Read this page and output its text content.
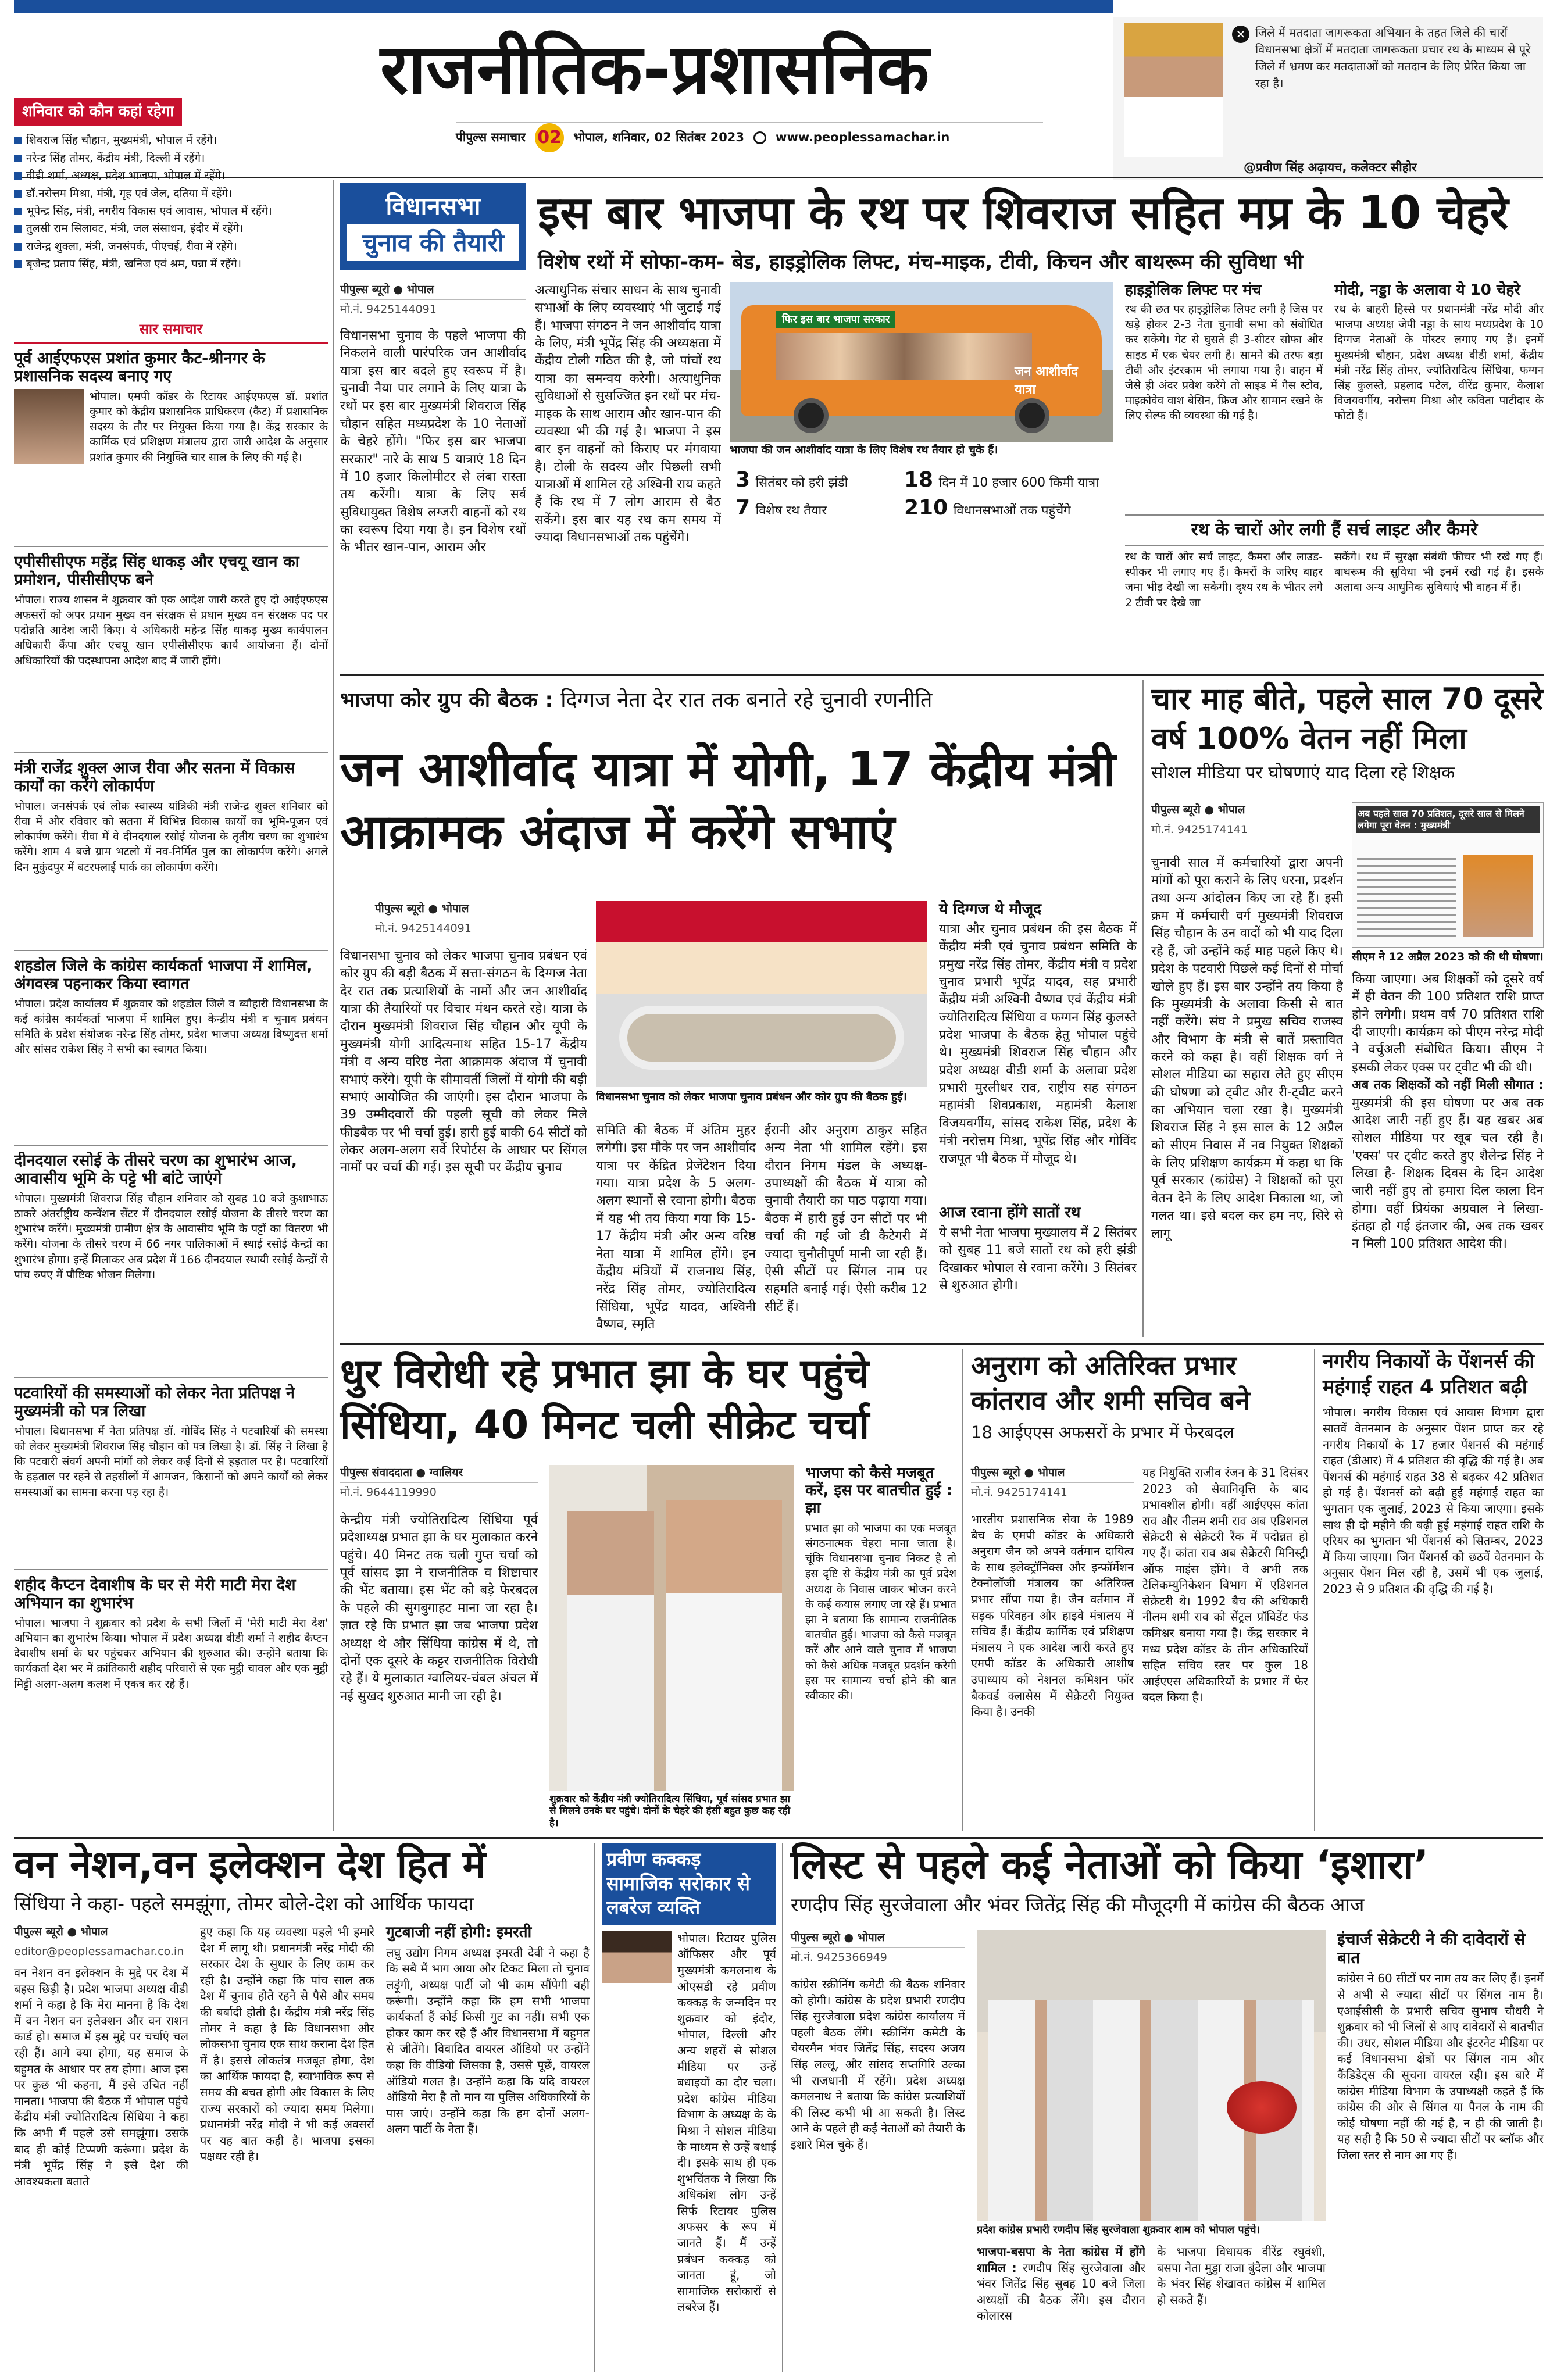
राजनीतिक-प्रशासनिक
पीपुल्स समाचार 02 भोपाल, शनिवार, 02 सितंबर 2023	www.peoplessamachar.in
✕ जिले में मतदाता जागरूकता अभियान के तहत जिले की चारों विधानसभा क्षेत्रों में मतदाता जागरूकता प्रचार रथ के माध्यम से पूरे जिले में भ्रमण कर मतदाताओं को मतदान के लिए प्रेरित किया जा रहा है।
@प्रवीण सिंह अढ़ायच, कलेक्टर सीहोर
शनिवार को कौन कहां रहेगा
शिवराज सिंह चौहान, मुख्यमंत्री, भोपाल में रहेंगे।
नरेन्द्र सिंह तोमर, केंद्रीय मंत्री, दिल्ली में रहेंगे।
वीडी शर्मा, अध्यक्ष, प्रदेश भाजपा, भोपाल में रहेंगे।
डॉ.नरोत्तम मिश्रा, मंत्री, गृह एवं जेल, दतिया में रहेंगे।
भूपेन्द्र सिंह, मंत्री, नगरीय विकास एवं आवास, भोपाल में रहेंगे।
तुलसी राम सिलावट, मंत्री, जल संसाधन, इंदौर में रहेंगे।
राजेन्द्र शुक्ला, मंत्री, जनसंपर्क, पीएचई, रीवा में रहेंगे।
बृजेन्द्र प्रताप सिंह, मंत्री, खनिज एवं श्रम, पन्ना में रहेंगे।
सार समाचार
पूर्व आईएफएस प्रशांत कुमार कैट-श्रीनगर के प्रशासनिक सदस्य बनाए गए
भोपाल। एमपी कॉडर के रिटायर आईएफएस डॉ. प्रशांत कुमार को केंद्रीय प्रशासनिक प्राधिकरण (कैट) में प्रशासनिक सदस्य के तौर पर नियुक्त किया गया है। केंद्र सरकार के कार्मिक एवं प्रशिक्षण मंत्रालय द्वारा जारी आदेश के अनुसार प्रशांत कुमार की नियुक्ति चार साल के लिए की गई है।
एपीसीसीएफ महेंद्र सिंह धाकड़ और एचयू खान का प्रमोशन, पीसीसीएफ बने
भोपाल। राज्य शासन ने शुक्रवार को एक आदेश जारी करते हुए दो आईएफएस अफसरों को अपर प्रधान मुख्य वन संरक्षक से प्रधान मुख्य वन संरक्षक पद पर पदोन्नति आदेश जारी किए। ये अधिकारी महेन्द्र सिंह धाकड़ मुख्य कार्यपालन अधिकारी कैंपा और एचयू खान एपीसीसीएफ कार्य आयोजना हैं। दोनों अधिकारियों की पदस्थापना आदेश बाद में जारी होंगे।
मंत्री राजेंद्र शुक्ल आज रीवा और सतना में विकास कार्यों का करेंगे लोकार्पण
भोपाल। जनसंपर्क एवं लोक स्वास्थ्य यांत्रिकी मंत्री राजेन्द्र शुक्ल शनिवार को रीवा में और रविवार को सतना में विभिन्न विकास कार्यों का भूमि-पूजन एवं लोकार्पण करेंगे। रीवा में वे दीनदयाल रसोई योजना के तृतीय चरण का शुभारंभ करेंगे। शाम 4 बजे ग्राम भटलो में नव-निर्मित पुल का लोकार्पण करेंगे। अगले दिन मुकुंदपुर में बटरफ्लाई पार्क का लोकार्पण करेंगे।
शहडोल जिले के कांग्रेस कार्यकर्ता भाजपा में शामिल, अंगवस्त्र पहनाकर किया स्वागत
भोपाल। प्रदेश कार्यालय में शुक्रवार को शहडोल जिले व ब्यौहारी विधानसभा के कई कांग्रेस कार्यकर्ता भाजपा में शामिल हुए। केन्द्रीय मंत्री व चुनाव प्रबंधन समिति के प्रदेश संयोजक नरेन्द्र सिंह तोमर, प्रदेश भाजपा अध्यक्ष विष्णुदत्त शर्मा और सांसद राकेश सिंह ने सभी का स्वागत किया।
दीनदयाल रसोई के तीसरे चरण का शुभारंभ आज, आवासीय भूमि के पट्टे भी बांटे जाएंगे
भोपाल। मुख्यमंत्री शिवराज सिंह चौहान शनिवार को सुबह 10 बजे कुशाभाऊ ठाकरे अंतर्राष्ट्रीय कन्वेंशन सेंटर में दीनदयाल रसोई योजना के तीसरे चरण का शुभारंभ करेंगे। मुख्यमंत्री ग्रामीण क्षेत्र के आवासीय भूमि के पट्टों का वितरण भी करेंगे। योजना के तीसरे चरण में 66 नगर पालिकाओं में स्थाई रसोई केन्द्रों का शुभारंभ होगा। इन्हें मिलाकर अब प्रदेश में 166 दीनदयाल स्थायी रसोई केन्द्रों से पांच रुपए में पौष्टिक भोजन मिलेगा।
पटवारियों की समस्याओं को लेकर नेता प्रतिपक्ष ने मुख्यमंत्री को पत्र लिखा
भोपाल। विधानसभा में नेता प्रतिपक्ष डॉ. गोविंद सिंह ने पटवारियों की समस्या को लेकर मुख्यमंत्री शिवराज सिंह चौहान को पत्र लिखा है। डॉ. सिंह ने लिखा है कि पटवारी संवर्ग अपनी मांगों को लेकर कई दिनों से हड़ताल पर है। पटवारियों के हड़ताल पर रहने से तहसीलों में आमजन, किसानों को अपने कार्यों को लेकर समस्याओं का सामना करना पड़ रहा है।
शहीद कैप्टन देवाशीष के घर से मेरी माटी मेरा देश अभियान का शुभारंभ
भोपाल। भाजपा ने शुक्रवार को प्रदेश के सभी जिलों में 'मेरी माटी मेरा देश' अभियान का शुभारंभ किया। भोपाल में प्रदेश अध्यक्ष वीडी शर्मा ने शहीद कैप्टन देवाशीष शर्मा के घर पहुंचकर अभियान की शुरुआत की। उन्होंने बताया कि कार्यकर्ता देश भर में क्रांतिकारी शहीद परिवारों से एक मुट्ठी चावल और एक मुट्ठी मिट्टी अलग-अलग कलश में एकत्र कर रहे हैं।
विधानसभा
चुनाव की तैयारी
इस बार भाजपा के रथ पर शिवराज सहित मप्र के 10 चेहरे
विशेष रथों में सोफा-कम- बेड, हाइड्रोलिक लिफ्ट, मंच-माइक, टीवी, किचन और बाथरूम की सुविधा भी
पीपुल्स ब्यूरो ● भोपाल
मो.नं. 9425144091
विधानसभा चुनाव के पहले भाजपा की निकलने वाली पारंपरिक जन आशीर्वाद यात्रा इस बार बदले हुए स्वरूप में है। चुनावी नैया पार लगाने के लिए यात्रा के रथों पर इस बार मुख्यमंत्री शिवराज सिंह चौहान सहित मध्यप्रदेश के 10 नेताओं के चेहरे होंगे। "फिर इस बार भाजपा सरकार" नारे के साथ 5 यात्राएं 18 दिन में 10 हजार किलोमीटर से लंबा रास्ता तय करेंगी। यात्रा के लिए सर्व सुविधायुक्त विशेष लग्जरी वाहनों को रथ का स्वरूप दिया गया है। इन विशेष रथों के भीतर खान-पान, आराम और
अत्याधुनिक संचार साधन के साथ चुनावी सभाओं के लिए व्यवस्थाएं भी जुटाई गई हैं। भाजपा संगठन ने जन आशीर्वाद यात्रा के लिए, मंत्री भूपेंद्र सिंह की अध्यक्षता में केंद्रीय टोली गठित की है, जो पांचों रथ यात्रा का समन्वय करेगी। अत्याधुनिक सुविधाओं से सुसज्जित इन रथों पर मंच-माइक के साथ आराम और खान-पान की व्यवस्था भी की गई है। भाजपा ने इस बार इन वाहनों को किराए पर मंगवाया है। टोली के सदस्य और पिछली सभी यात्राओं में शामिल रहे अश्विनी राय कहते हैं कि रथ में 7 लोग आराम से बैठ सकेंगे। इस बार यह रथ कम समय में ज्यादा विधानसभाओं तक पहुंचेंगे।
फिर इस बार भाजपा सरकार
जन आशीर्वाद यात्रा
भाजपा की जन आशीर्वाद यात्रा के लिए विशेष रथ तैयार हो चुके हैं।
3 सितंबर को हरी झंडी
7 विशेष रथ तैयार
18 दिन में 10 हजार 600 किमी यात्रा
210 विधानसभाओं तक पहुंचेंगे
हाइड्रोलिक लिफ्ट पर मंच
रथ की छत पर हाइड्रोलिक लिफ्ट लगी है जिस पर खड़े होकर 2-3 नेता चुनावी सभा को संबोधित कर सकेंगे। गेट से घुसते ही 3-सीटर सोफा और साइड में एक चेयर लगी है। सामने की तरफ बड़ा टीवी और इंटरकाम भी लगाया गया है। वाहन में जैसे ही अंदर प्रवेश करेंगे तो साइड में गैस स्टोव, माइक्रोवेव वाश बेसिन, फ्रिज और सामान रखने के लिए सेल्फ की व्यवस्था की गई है।
मोदी, नड्डा के अलावा ये 10 चेहरे
रथ के बाहरी हिस्से पर प्रधानमंत्री नरेंद्र मोदी और भाजपा अध्यक्ष जेपी नड्डा के साथ मध्यप्रदेश के 10 दिग्गज नेताओं के पोस्टर लगाए गए हैं। इनमें मुख्यमंत्री चौहान, प्रदेश अध्यक्ष वीडी शर्मा, केंद्रीय मंत्री नरेंद्र सिंह तोमर, ज्योतिरादित्य सिंधिया, फग्गन सिंह कुलस्ते, प्रहलाद पटेल, वीरेंद्र कुमार, कैलाश विजयवर्गीय, नरोत्तम मिश्रा और कविता पाटीदार के फोटो हैं।
रथ के चारों ओर लगी हैं सर्च लाइट और कैमरे
रथ के चारों ओर सर्च लाइट, कैमरा और लाउड-स्पीकर भी लगाए गए हैं। कैमरों के जरिए बाहर जमा भीड़ देखी जा सकेगी। दृश्य रथ के भीतर लगे 2 टीवी पर देखे जा
सकेंगे। रथ में सुरक्षा संबंधी फीचर भी रखे गए हैं। बाथरूम की सुविधा भी इनमें रखी गई है। इसके अलावा अन्य आधुनिक सुविधाएं भी वाहन में हैं।
भाजपा कोर ग्रुप की बैठक : दिग्गज नेता देर रात तक बनाते रहे चुनावी रणनीति
जन आशीर्वाद यात्रा में योगी, 17 केंद्रीय मंत्री आक्रामक अंदाज में करेंगे सभाएं
पीपुल्स ब्यूरो ● भोपाल
मो.नं. 9425144091
विधानसभा चुनाव को लेकर भाजपा चुनाव प्रबंधन और कोर ग्रुप की बैठक हुई।
विधानसभा चुनाव को लेकर भाजपा चुनाव प्रबंधन एवं कोर ग्रुप की बड़ी बैठक में सत्ता-संगठन के दिग्गज नेता देर रात तक प्रत्याशियों के नामों और जन आशीर्वाद यात्रा की तैयारियों पर विचार मंथन करते रहे। यात्रा के दौरान मुख्यमंत्री शिवराज सिंह चौहान और यूपी के मुख्यमंत्री योगी आदित्यनाथ सहित 15-17 केंद्रीय मंत्री व अन्य वरिष्ठ नेता आक्रामक अंदाज में चुनावी सभाएं करेंगे। यूपी के सीमावर्ती जिलों में योगी की बड़ी सभाएं आयोजित की जाएंगी। इस दौरान भाजपा के 39 उम्मीदवारों की पहली सूची को लेकर मिले फीडबैक पर भी चर्चा हुई। हारी हुई बाकी 64 सीटों को लेकर अलग-अलग सर्वे रिपोर्टस के आधार पर सिंगल नामों पर चर्चा की गई। इस सूची पर केंद्रीय चुनाव
समिति की बैठक में अंतिम मुहर लगेगी। इस मौके पर जन आशीर्वाद यात्रा पर केंद्रित प्रेजेंटेशन दिया गया। यात्रा प्रदेश के 5 अलग-अलग स्थानों से रवाना होगी। बैठक में यह भी तय किया गया कि 15-17 केंद्रीय मंत्री और अन्य वरिष्ठ नेता यात्रा में शामिल होंगे। इन केंद्रीय मंत्रियों में राजनाथ सिंह, नरेंद्र सिंह तोमर, ज्योतिरादित्य सिंधिया, भूपेंद्र यादव, अश्विनी वैष्णव, स्मृति
ईरानी और अनुराग ठाकुर सहित अन्य नेता भी शामिल रहेंगे। इस दौरान निगम मंडल के अध्यक्ष-उपाध्यक्षों की बैठक में यात्रा को चुनावी तैयारी का पाठ पढ़ाया गया। बैठक में हारी हुई उन सीटों पर भी चर्चा की गई जो डी कैटेगरी में ज्यादा चुनौतीपूर्ण मानी जा रही हैं। ऐसी सीटों पर सिंगल नाम पर सहमति बनाई गई। ऐसी करीब 12 सीटें हैं।
ये दिग्गज थे मौजूद
यात्रा और चुनाव प्रबंधन की इस बैठक में केंद्रीय मंत्री एवं चुनाव प्रबंधन समिति के प्रमुख नरेंद्र सिंह तोमर, केंद्रीय मंत्री व प्रदेश चुनाव प्रभारी भूपेंद्र यादव, सह प्रभारी केंद्रीय मंत्री अश्विनी वैष्णव एवं केंद्रीय मंत्री ज्योतिरादित्य सिंधिया व फग्गन सिंह कुलस्ते प्रदेश भाजपा के बैठक हेतु भोपाल पहुंचे थे। मुख्यमंत्री शिवराज सिंह चौहान और प्रदेश अध्यक्ष वीडी शर्मा के अलावा प्रदेश प्रभारी मुरलीधर राव, राष्ट्रीय सह संगठन महामंत्री शिवप्रकाश, महामंत्री कैलाश विजयवर्गीय, सांसद राकेश सिंह, प्रदेश के मंत्री नरोत्तम मिश्रा, भूपेंद्र सिंह और गोविंद राजपूत भी बैठक में मौजूद थे।
आज रवाना होंगे सातों रथ
ये सभी नेता भाजपा मुख्यालय में 2 सितंबर को सुबह 11 बजे सातों रथ को हरी झंडी दिखाकर भोपाल से रवाना करेंगे। 3 सितंबर से शुरुआत होगी।
चार माह बीते, पहले साल 70 दूसरे वर्ष 100% वेतन नहीं मिला
सोशल मीडिया पर घोषणाएं याद दिला रहे शिक्षक
पीपुल्स ब्यूरो ● भोपाल
मो.नं. 9425174141
अब पहले साल 70 प्रतिशत, दूसरे साल से मिलने लगेगा पूरा वेतन : मुख्यमंत्री
सीएम ने 12 अप्रैल 2023 को की थी घोषणा।
चुनावी साल में कर्मचारियों द्वारा अपनी मांगों को पूरा कराने के लिए धरना, प्रदर्शन तथा अन्य आंदोलन किए जा रहे हैं। इसी क्रम में कर्मचारी वर्ग मुख्यमंत्री शिवराज सिंह चौहान के उन वादों को भी याद दिला रहे हैं, जो उन्होंने कई माह पहले किए थे। प्रदेश के पटवारी पिछले कई दिनों से मोर्चा खोले हुए हैं। इस बार उन्होंने तय किया है कि मुख्यमंत्री के अलावा किसी से बात नहीं करेंगे। संघ ने प्रमुख सचिव राजस्व और विभाग के मंत्री से बातें प्रस्तावित करने को कहा है। वहीं शिक्षक वर्ग ने सोशल मीडिया का सहारा लेते हुए सीएम की घोषणा को ट्वीट और री-ट्वीट करने का अभियान चला रखा है। मुख्यमंत्री शिवराज सिंह ने इस साल के 12 अप्रैल को सीएम निवास में नव नियुक्त शिक्षकों के लिए प्रशिक्षण कार्यक्रम में कहा था कि पूर्व सरकार (कांग्रेस) ने शिक्षकों को पूरा वेतन देने के लिए आदेश निकाला था, जो गलत था। इसे बदल कर हम नए, सिरे से लागू
किया जाएगा। अब शिक्षकों को दूसरे वर्ष में ही वेतन की 100 प्रतिशत राशि प्राप्त होने लगेगी। प्रथम वर्ष 70 प्रतिशत राशि दी जाएगी। कार्यक्रम को पीएम नरेन्द्र मोदी ने वर्चुअली संबोधित किया। सीएम ने इसकी लेकर एक्स पर ट्वीट भी की थी।
अब तक शिक्षकों को नहीं मिली सौगात : मुख्यमंत्री की इस घोषणा पर अब तक आदेश जारी नहीं हुए हैं। यह खबर अब सोशल मीडिया पर खूब चल रही है। 'एक्स' पर ट्वीट करते हुए शैलेन्द्र सिंह ने लिखा है- शिक्षक दिवस के दिन आदेश जारी नहीं हुए तो हमारा दिल काला दिन होगा। वहीं प्रियंका अग्रवाल ने लिखा- इंतहा हो गई इंतजार की, अब तक खबर न मिली 100 प्रतिशत आदेश की।
धुर विरोधी रहे प्रभात झा के घर पहुंचे सिंधिया, 40 मिनट चली सीक्रेट चर्चा
पीपुल्स संवाददाता ● ग्वालियर
मो.नं. 9644119990
केन्द्रीय मंत्री ज्योतिरादित्य सिंधिया पूर्व प्रदेशाध्यक्ष प्रभात झा के घर मुलाकात करने पहुंचे। 40 मिनट तक चली गुप्त चर्चा को पूर्व सांसद झा ने राजनीतिक व शिष्टाचार की भेंट बताया। इस भेंट को बड़े फेरबदल के पहले की सुगबुगाहट माना जा रहा है। ज्ञात रहे कि प्रभात झा जब भाजपा प्रदेश अध्यक्ष थे और सिंधिया कांग्रेस में थे, तो दोनों एक दूसरे के कट्टर राजनीतिक विरोधी रहे हैं। ये मुलाकात ग्वालियर-चंबल अंचल में नई सुखद शुरुआत मानी जा रही है।
शुक्रवार को केंद्रीय मंत्री ज्योतिरादित्य सिंधिया, पूर्व सांसद प्रभात झा से मिलने उनके घर पहुंचे। दोनों के चेहरे की हंसी बहुत कुछ कह रही है।
भाजपा को कैसे मजबूत करें, इस पर बातचीत हुई : झा
प्रभात झा को भाजपा का एक मजबूत संगठनात्मक चेहरा माना जाता है। चूंकि विधानसभा चुनाव निकट है तो इस दृष्टि से केंद्रीय मंत्री का पूर्व प्रदेश अध्यक्ष के निवास जाकर भोजन करने के कई कयास लगाए जा रहे हैं। प्रभात झा ने बताया कि सामान्य राजनीतिक बातचीत हुई। भाजपा को कैसे मजबूत करें और आने वाले चुनाव में भाजपा को कैसे अधिक मजबूत प्रदर्शन करेगी इस पर सामान्य चर्चा होने की बात स्वीकार की।
अनुराग को अतिरिक्त प्रभार कांतराव और शमी सचिव बने
18 आईएएस अफसरों के प्रभार में फेरबदल
पीपुल्स ब्यूरो ● भोपाल
मो.नं. 9425174141
भारतीय प्रशासनिक सेवा के 1989 बैच के एमपी कॉडर के अधिकारी अनुराग जैन को अपने वर्तमान दायित्व के साथ इलेक्ट्रॉनिक्स और इन्फॉर्मेशन टेक्नोलॉजी मंत्रालय का अतिरिक्त प्रभार सौंपा गया है। जैन वर्तमान में सड़क परिवहन और हाइवे मंत्रालय में सचिव हैं। केंद्रीय कार्मिक एवं प्रशिक्षण मंत्रालय ने एक आदेश जारी करते हुए एमपी कॉडर के अधिकारी आशीष उपाध्याय को नेशनल कमिशन फॉर बैकवर्ड क्लासेस में सेक्रेटरी नियुक्त किया है। उनकी
यह नियुक्ति राजीव रंजन के 31 दिसंबर 2023 को सेवानिवृत्ति के बाद प्रभावशील होगी। वहीं आईएएस कांता राव और नीलम शमी राव अब एडिशनल सेक्रेटरी से सेक्रेटरी रैंक में पदोन्नत हो गए हैं। कांता राव अब सेक्रेटरी मिनिस्ट्री ऑफ माइंस होंगे। वे अभी तक टेलिकम्युनिकेशन विभाग में एडिशनल सेक्रेटरी थे। 1992 बैच की अधिकारी नीलम शमी राव को सेंट्रल प्रॉविडेंट फंड कमिश्नर बनाया गया है। केंद्र सरकार ने मध्य प्रदेश कॉडर के तीन अधिकारियों सहित सचिव स्तर पर कुल 18 आईएएस अधिकारियों के प्रभार में फेर बदल किया है।
नगरीय निकायों के पेंशनर्स की महंगाई राहत 4 प्रतिशत बढ़ी
भोपाल। नगरीय विकास एवं आवास विभाग द्वारा सातवें वेतनमान के अनुसार पेंशन प्राप्त कर रहे नगरीय निकायों के 17 हजार पेंशनर्स की महंगाई राहत (डीआर) में 4 प्रतिशत की वृद्धि की गई है। अब पेंशनर्स की महंगाई राहत 38 से बढ़कर 42 प्रतिशत हो गई है। पेंशनर्स को बढ़ी हुई महंगाई राहत का भुगतान एक जुलाई, 2023 से किया जाएगा। इसके साथ ही दो महीने की बढ़ी हुई महंगाई राहत राशि के एरियर का भुगतान भी पेंशनर्स को सितम्बर, 2023 में किया जाएगा। जिन पेंशनर्स को छठवें वेतनमान के अनुसार पेंशन मिल रही है, उसमें भी एक जुलाई, 2023 से 9 प्रतिशत की वृद्धि की गई है।
वन नेशन,वन इलेक्शन देश हित में
सिंधिया ने कहा- पहले समझूंगा, तोमर बोले-देश को आर्थिक फायदा
पीपुल्स ब्यूरो ● भोपाल
editor@peoplessamachar.co.in
वन नेशन वन इलेक्शन के मुद्दे पर देश में बहस छिड़ी है। प्रदेश भाजपा अध्यक्ष वीडी शर्मा ने कहा है कि मेरा मानना है कि देश में वन नेशन वन इलेक्शन और वन राशन कार्ड हो। समाज में इस मुद्दे पर चर्चाएं चल रही हैं। आगे क्या होगा, यह समाज के बहुमत के आधार पर तय होगा। आज इस पर कुछ भी कहना, मैं इसे उचित नहीं मानता। भाजपा की बैठक में भोपाल पहुंचे केंद्रीय मंत्री ज्योतिरादित्य सिंधिया ने कहा कि अभी मैं पहले उसे समझूंगा। उसके बाद ही कोई टिप्पणी करूंगा। प्रदेश के मंत्री भूपेंद्र सिंह ने इसे देश की आवश्यकता बताते
हुए कहा कि यह व्यवस्था पहले भी हमारे देश में लागू थी। प्रधानमंत्री नरेंद्र मोदी की सरकार देश के सुधार के लिए काम कर रही है। उन्होंने कहा कि पांच साल तक देश में चुनाव होते रहने से पैसे और समय की बर्बादी होती है। केंद्रीय मंत्री नरेंद्र सिंह तोमर ने कहा है कि विधानसभा और लोकसभा चुनाव एक साथ कराना देश हित में है। इससे लोकतंत्र मजबूत होगा, देश का आर्थिक फायदा है, स्वाभाविक रूप से समय की बचत होगी और विकास के लिए राज्य सरकारों को ज्यादा समय मिलेगा। प्रधानमंत्री नरेंद्र मोदी ने भी कई अवसरों पर यह बात कही है। भाजपा इसका पक्षधर रही है।
गुटबाजी नहीं होगी: इमरती
लघु उद्योग निगम अध्यक्ष इमरती देवी ने कहा है कि सबै मैं भाग आया और टिकट मिला तो चुनाव लड़ूंगी, अध्यक्ष पार्टी जो भी काम सौंपेगी वही करूंगी। उन्होंने कहा कि हम सभी भाजपा कार्यकर्ता हैं कोई किसी गुट का नहीं। सभी एक होकर काम कर रहे हैं और विधानसभा में बहुमत से जीतेंगे। विवादित वायरल ऑडियो पर उन्होंने कहा कि वीडियो जिसका है, उससे पूछें, वायरल ऑडियो गलत है। उन्होंने कहा कि यदि वायरल ऑडियो मेरा है तो मान या पुलिस अधिकारियों के पास जाएं। उन्होंने कहा कि हम दोनों अलग-अलग पार्टी के नेता हैं।
प्रवीण कक्कड़ सामाजिक सरोकार से लबरेज व्यक्ति
भोपाल। रिटायर पुलिस ऑफिसर और पूर्व मुख्यमंत्री कमलनाथ के ओएसडी रहे प्रवीण कक्कड़ के जन्मदिन पर शुक्रवार को इंदौर, भोपाल, दिल्ली और अन्य शहरों से सोशल मीडिया पर उन्हें बधाइयों का दौर चला। प्रदेश कांग्रेस मीडिया विभाग के अध्यक्ष के के मिश्रा ने सोशल मीडिया के माध्यम से उन्हें बधाई दी। इसके साथ ही एक शुभचिंतक ने लिखा कि अधिकांश लोग उन्हें सिर्फ रिटायर पुलिस अफसर के रूप में जानते हैं। मैं उन्हें प्रबंधन कक्कड़ को जानता हूं, जो सामाजिक सरोकारों से लबरेज हैं।
लिस्ट से पहले कई नेताओं को किया ‘इशारा’
रणदीप सिंह सुरजेवाला और भंवर जितेंद्र सिंह की मौजूदगी में कांग्रेस की बैठक आज
पीपुल्स ब्यूरो ● भोपाल
मो.नं. 9425366949
कांग्रेस स्क्रीनिंग कमेटी की बैठक शनिवार को होगी। कांग्रेस के प्रदेश प्रभारी रणदीप सिंह सुरजेवाला प्रदेश कांग्रेस कार्यालय में पहली बैठक लेंगे। स्क्रीनिंग कमेटी के चेयरमैन भंवर जितेंद्र सिंह, सदस्य अजय सिंह लल्लू, और सांसद सप्तगिरि उल्का भी राजधानी में रहेंगे। प्रदेश अध्यक्ष कमलनाथ ने बताया कि कांग्रेस प्रत्याशियों की लिस्ट कभी भी आ सकती है। लिस्ट आने के पहले ही कई नेताओं को तैयारी के इशारे मिल चुके हैं।
प्रदेश कांग्रेस प्रभारी रणदीप सिंह सुरजेवाला शुक्रवार शाम को भोपाल पहुंचे।
भाजपा-बसपा के नेता कांग्रेस में होंगे शामिल : रणदीप सिंह सुरजेवाला और भंवर जितेंद्र सिंह सुबह 10 बजे जिला अध्यक्षों की बैठक लेंगे। इस दौरान कोलारस
के भाजपा विधायक वीरेंद्र रघुवंशी, बसपा नेता मुड्डा राजा बुंदेला और भाजपा के भंवर सिंह शेखावत कांग्रेस में शामिल हो सकते हैं।
इंचार्ज सेक्रेटरी ने की दावेदारों से बात
कांग्रेस ने 60 सीटों पर नाम तय कर लिए हैं। इनमें से अभी से ज्यादा सीटों पर सिंगल नाम है। एआईसीसी के प्रभारी सचिव सुभाष चौधरी ने शुक्रवार को भी जिलों से आए दावेदारों से बातचीत की। उधर, सोशल मीडिया और इंटरनेट मीडिया पर कई विधानसभा क्षेत्रों पर सिंगल नाम और कैंडिडेट्स की सूचना वायरल रही। इस बारे में कांग्रेस मीडिया विभाग के उपाध्यक्षी कहते हैं कि कांग्रेस की ओर से सिंगल या पैनल के नाम की कोई घोषणा नहीं की गई है, न ही की जाती है। यह सही है कि 50 से ज्यादा सीटों पर ब्लॉक और जिला स्तर से नाम आ गए हैं।
